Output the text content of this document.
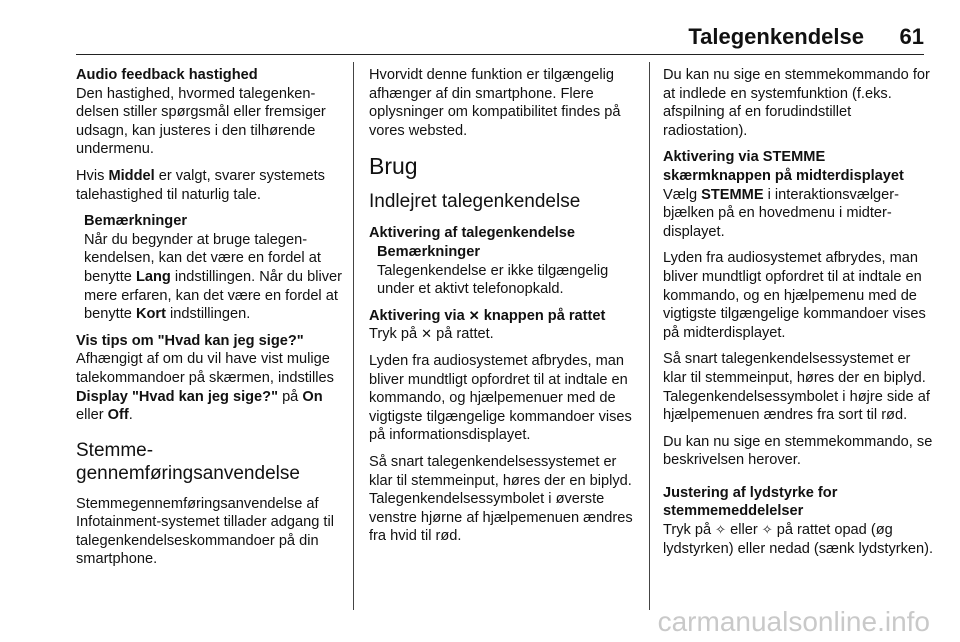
Talegenkendelse 61
Audio feedback hastighed

Den hastighed, hvormed talegenkendelsen stiller spørgsmål eller fremsiger udsagn, kan justeres i den tilhørende undermenu.

Hvis Middel er valgt, svarer systemets talehastighed til naturlig tale.

Bemærkninger

Når du begynder at bruge talegenkendelsen, kan det være en fordel at benytte Lang indstillingen. Når du bliver mere erfaren, kan det være en fordel at benytte Kort indstillingen.

Vis tips om "Hvad kan jeg sige?"

Afhængigt af om du vil have vist mulige talekommandoer på skærmen, indstilles Display "Hvad kan jeg sige?" på On eller Off.

Stemmegennemføringsanvendelse

Stemmegennemføringsanvendelse af Infotainment-systemet tillader adgang til talegenkendelseskommandoer på din smartphone.

Hvorvidt denne funktion er tilgængelig afhænger af din smartphone. Flere oplysninger om kompatibilitet findes på vores websted.

Brug
Indlejret talegenkendelse
Aktivering af talegenkendelse
Bemærkninger

Talegenkendelse er ikke tilgængelig under et aktivt telefonopkald.

Aktivering via ✕ knappen på rattet

Tryk på ✕ på rattet.

Lyden fra audiosystemet afbrydes, man bliver mundtligt opfordret til at indtale en kommando, og hjælpemenuer med de vigtigste tilgængelige kommandoer vises på informationsdisplayet.

Så snart talegenkendelsessystemet er klar til stemmeinput, høres der en biplyd. Talegenkendelsessymbolet i øverste venstre hjørne af hjælpemenuen ændres fra hvid til rød.

Du kan nu sige en stemmekommando for at indlede en systemfunktion (f.eks. afspilning af en forudindstillet radiostation).

Aktivering via STEMME skærmknappen på midterdisplayet

Vælg STEMME i interaktionsvælgerbjælken på en hovedmenu i midterdisplayet.

Lyden fra audiosystemet afbrydes, man bliver mundtligt opfordret til at indtale en kommando, og en hjælpemenu med de vigtigste tilgængelige kommandoer vises på midterdisplayet.

Så snart talegenkendelsessystemet er klar til stemmeinput, høres der en biplyd. Talegenkendelsessymbolet i højre side af hjælpemenuen ændres fra sort til rød.

Du kan nu sige en stemmekommando, se beskrivelsen herover.

Justering af lydstyrke for stemmemeddelelser

Tryk på ✧ eller ✧ på rattet opad (øg lydstyrken) eller nedad (sænk lydstyrken).

carmanualsonline.info
